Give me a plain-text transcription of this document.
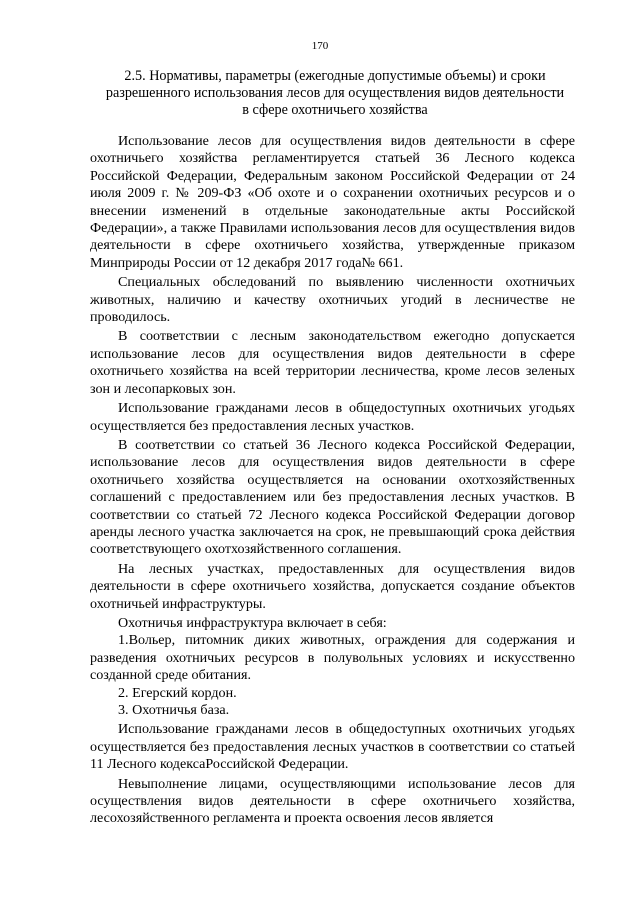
170
2.5. Нормативы, параметры (ежегодные допустимые объемы) и сроки
разрешенного использования лесов для осуществления видов деятельности
в сфере охотничьего хозяйства

Использование лесов для осуществления видов деятельности в сфере охотничьего хозяйства регламентируется статьей 36 Лесного кодекса Российской Федерации, Федеральным законом Российской Федерации от 24 июля 2009 г. № 209-ФЗ «Об охоте и о сохранении охотничьих ресурсов и о внесении изменений в отдельные законодательные акты Российской Федерации», а также Правилами использования лесов для осуществления видов деятельности в сфере охотничьего хозяйства, утвержденные приказом Минприроды России от 12 декабря 2017 года№ 661.

Специальных обследований по выявлению численности охотничьих животных, наличию и качеству охотничьих угодий в лесничестве не проводилось.

В соответствии с лесным законодательством ежегодно допускается использование лесов для осуществления видов деятельности в сфере охотничьего хозяйства на всей территории лесничества, кроме лесов зеленых зон и лесопарковых зон.

Использование гражданами лесов в общедоступных охотничьих угодьях осуществляется без предоставления лесных участков.

В соответствии со статьей 36 Лесного кодекса Российской Федерации, использование лесов для осуществления видов деятельности в сфере охотничьего хозяйства осуществляется на основании охотхозяйственных соглашений с предоставлением или без предоставления лесных участков. В соответствии со статьей 72 Лесного кодекса Российской Федерации договор аренды лесного участка заключается на срок, не превышающий срока действия соответствующего охотхозяйственного соглашения.

На лесных участках, предоставленных для осуществления видов деятельности в сфере охотничьего хозяйства, допускается создание объектов охотничьей инфраструктуры.

Охотничья инфраструктура включает в себя:

1.Вольер, питомник диких животных, ограждения для содержания и разведения охотничьих ресурсов в полувольных условиях и искусственно созданной среде обитания.

2. Егерский кордон.

3. Охотничья база.

Использование гражданами лесов в общедоступных охотничьих угодьях осуществляется без предоставления лесных участков в соответствии со статьей 11 Лесного кодексаРоссийской Федерации.

Невыполнение лицами, осуществляющими использование лесов для осуществления видов деятельности в сфере охотничьего хозяйства, лесохозяйственного регламента и проекта освоения лесов является
